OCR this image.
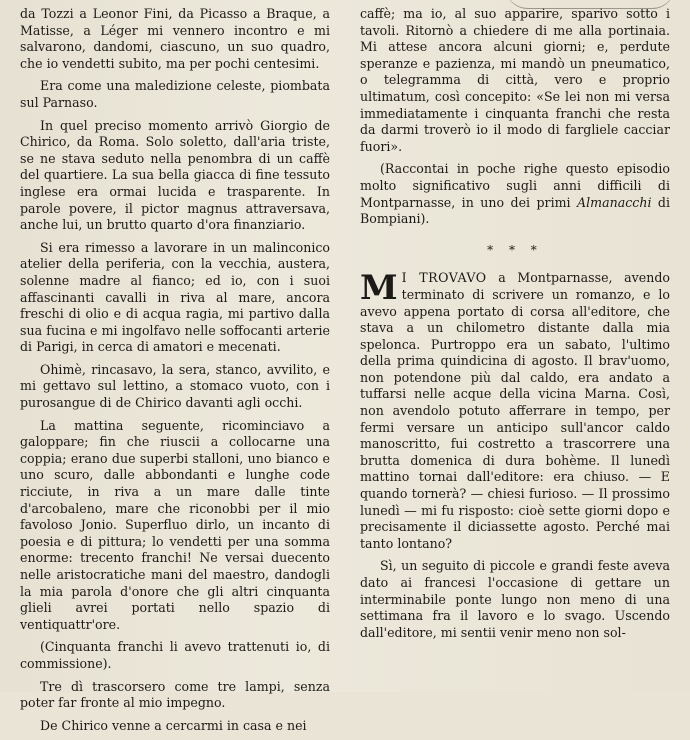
da Tozzi a Leonor Fini, da Picasso a Braque, a Matisse, a Léger mi vennero incontro e mi salvarono, dandomi, ciascuno, un suo quadro, che io vendetti subito, ma per pochi centesimi.

Era come una maledizione celeste, piombata sul Parnaso.

In quel preciso momento arrivò Giorgio de Chirico, da Roma. Solo soletto, dall'aria triste, se ne stava seduto nella penombra di un caffè del quartiere. La sua bella giacca di fine tessuto inglese era ormai lucida e trasparente. In parole povere, il pictor magnus attraversava, anche lui, un brutto quarto d'ora finanziario.

Si era rimesso a lavorare in un malinconico atelier della periferia, con la vecchia, austera, solenne madre al fianco; ed io, con i suoi affascinanti cavalli in riva al mare, ancora freschi di olio e di acqua ragia, mi partivo dalla sua fucina e mi ingolfavo nelle soffocanti arterie di Parigi, in cerca di amatori e mecenati.

Ohimè, rincasavo, la sera, stanco, avvilito, e mi gettavo sul lettino, a stomaco vuoto, con i purosangue di de Chirico davanti agli occhi.

La mattina seguente, ricominciavo a galoppare; fin che riuscii a collocarne una coppia; erano due superbi stalloni, uno bianco e uno scuro, dalle abbondanti e lunghe code ricciute, in riva a un mare dalle tinte d'arcobaleno, mare che riconobbi per il mio favoloso Jonio. Superfluo dirlo, un incanto di poesia e di pittura; lo vendetti per una somma enorme: trecento franchi! Ne versai duecento nelle aristocratiche mani del maestro, dandogli la mia parola d'onore che gli altri cinquanta glieli avrei portati nello spazio di ventiquattr'ore.

(Cinquanta franchi li avevo trattenuti io, di commissione).

Tre dì trascorsero come tre lampi, senza poter far fronte al mio impegno.

De Chirico venne a cercarmi in casa e nei

caffè; ma io, al suo apparire, sparivo sotto i tavoli. Ritornò a chiedere di me alla portinaia. Mi attese ancora alcuni giorni; e, perdute speranze e pazienza, mi mandò un pneumatico, o telegramma di città, vero e proprio ultimatum, così concepito: «Se lei non mi versa immediatamente i cinquanta franchi che resta da darmi troverò io il modo di fargliele cacciar fuori».

(Raccontai in poche righe questo episodio molto significativo sugli anni difficili di Montparnasse, in uno dei primi Almanacchi di Bompiani).

* * *

M I TROVAVO a Montparnasse, avendo terminato di scrivere un romanzo, e lo avevo appena portato di corsa all'editore, che stava a un chilometro distante dalla mia spelonca. Purtroppo era un sabato, l'ultimo della prima quindicina di agosto. Il brav'uomo, non potendone più dal caldo, era andato a tuffarsi nelle acque della vicina Marna. Così, non avendolo potuto afferrare in tempo, per fermi versare un anticipo sull'ancor caldo manoscritto, fui costretto a trascorrere una brutta domenica di dura bohème. Il lunedì mattino tornai dall'editore: era chiuso. — E quando tornerà? — chiesi furioso. — Il prossimo lunedì — mi fu risposto: cioè sette giorni dopo e precisamente il diciassette agosto. Perché mai tanto lontano?

Sì, un seguito di piccole e grandi feste aveva dato ai francesi l'occasione di gettare un interminabile ponte lungo non meno di una settimana fra il lavoro e lo svago. Uscendo dall'editore, mi sentii venir meno non sol-
